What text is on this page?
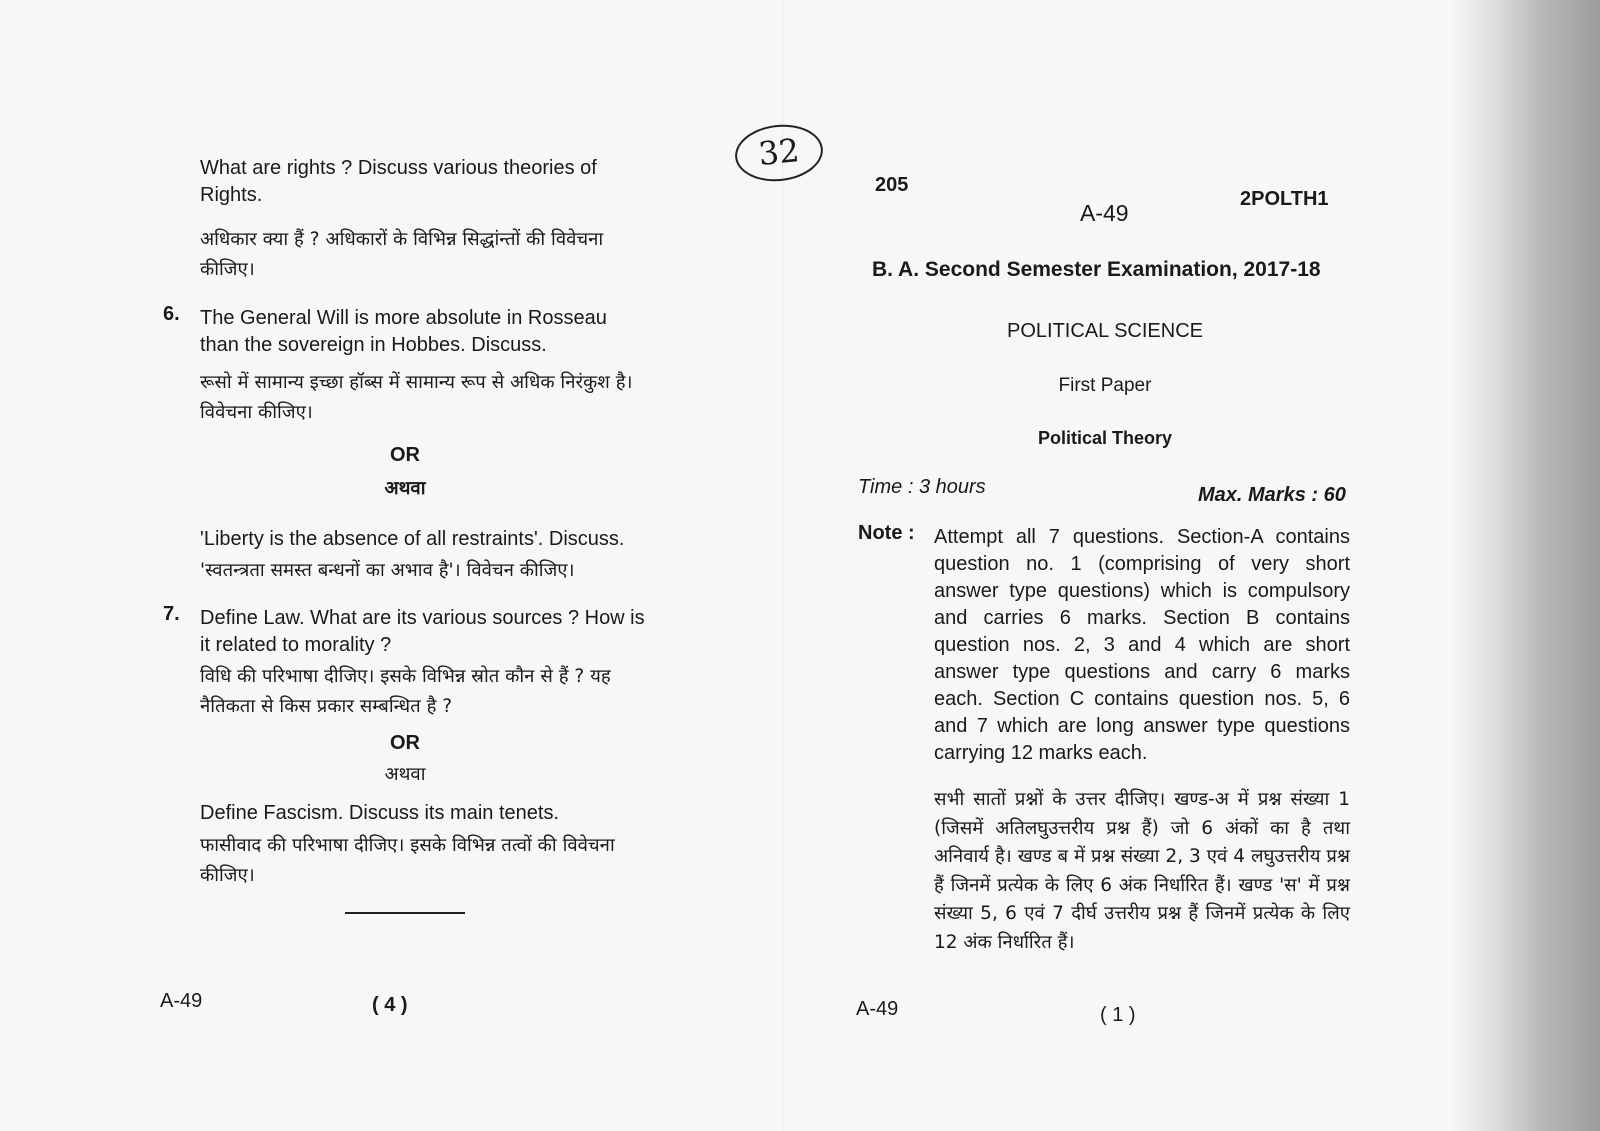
What are rights ? Discuss various theories of Rights.
अधिकार क्या हैं ? अधिकारों के विभिन्न सिद्धांन्तों की विवेचना कीजिए।
6. The General Will is more absolute in Rosseau than the sovereign in Hobbes. Discuss.
रूसो में सामान्य इच्छा हॉब्स में सामान्य रूप से अधिक निरंकुश है। विवेचना कीजिए।
OR
अथवा
'Liberty is the absence of all restraints'. Discuss.
'स्वतन्त्रता समस्त बन्धनों का अभाव है'। विवेचन कीजिए।
7. Define Law. What are its various sources ? How is it related to morality ?
विधि की परिभाषा दीजिए। इसके विभिन्न स्रोत कौन से हैं ? यह नैतिकता से किस प्रकार सम्बन्धित है ?
OR
अथवा
Define Fascism. Discuss its main tenets.
फासीवाद की परिभाषा दीजिए। इसके विभिन्न तत्वों की विवेचना कीजिए।
A-49	( 4 )
32
205
A-49
2POLTH1
B. A. Second Semester Examination, 2017-18
POLITICAL SCIENCE
First Paper
Political Theory
Time : 3 hours	Max. Marks : 60
Note : Attempt all 7 questions. Section-A contains question no. 1 (comprising of very short answer type questions) which is compulsory and carries 6 marks. Section B contains question nos. 2, 3 and 4 which are short answer type questions and carry 6 marks each. Section C contains question nos. 5, 6 and 7 which are long answer type questions carrying 12 marks each.
सभी सातों प्रश्नों के उत्तर दीजिए। खण्ड-अ में प्रश्न संख्या 1 (जिसमें अतिलघुउत्तरीय प्रश्न हैं) जो 6 अंकों का है तथा अनिवार्य है। खण्ड ब में प्रश्न संख्या 2, 3 एवं 4 लघुउत्तरीय प्रश्न हैं जिनमें प्रत्येक के लिए 6 अंक निर्धारित हैं। खण्ड 'स' में प्रश्न संख्या 5, 6 एवं 7 दीर्घ उत्तरीय प्रश्न हैं जिनमें प्रत्येक के लिए 12 अंक निर्धारित हैं।
A-49	( 1 )
